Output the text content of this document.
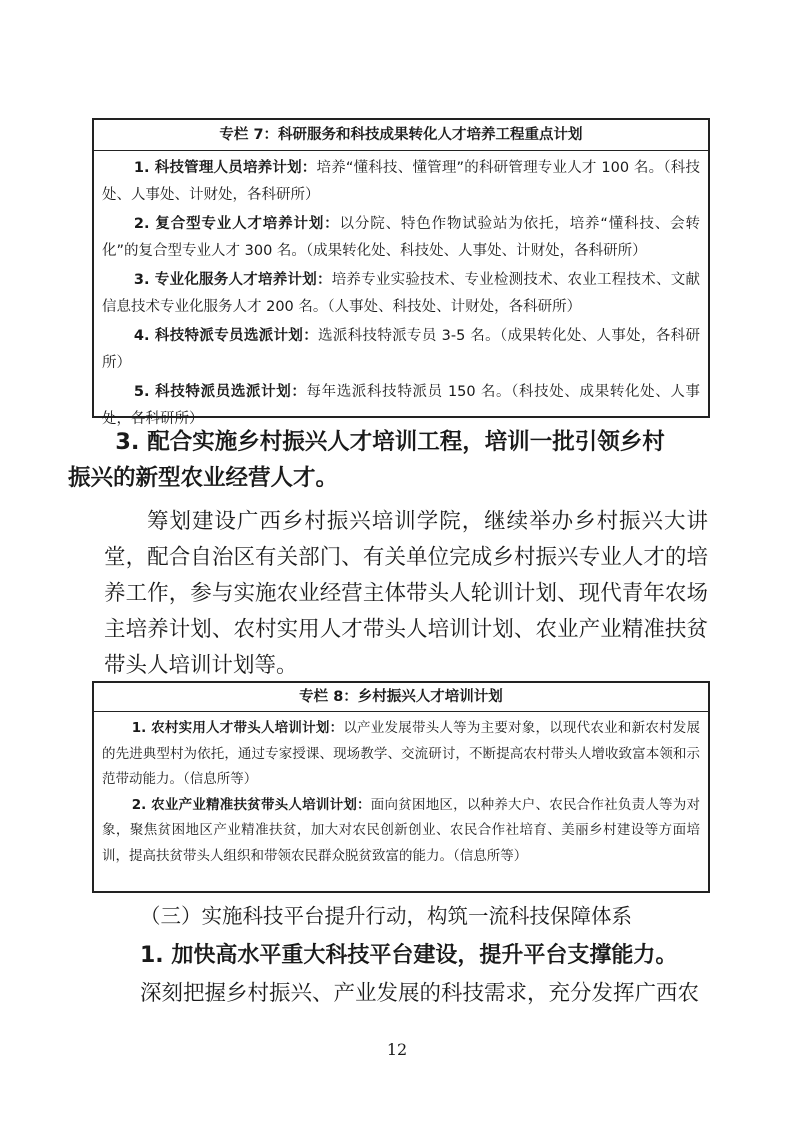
专栏 7：科研服务和科技成果转化人才培养工程重点计划
1. 科技管理人员培养计划：培养“懂科技、懂管理”的科研管理专业人才 100 名。（科技处、人事处、计财处，各科研所）
2. 复合型专业人才培养计划：以分院、特色作物试验站为依托，培养“懂科技、会转化”的复合型专业人才 300 名。（成果转化处、科技处、人事处、计财处，各科研所）
3. 专业化服务人才培养计划：培养专业实验技术、专业检测技术、农业工程技术、文献信息技术专业化服务人才 200 名。（人事处、科技处、计财处，各科研所）
4. 科技特派专员选派计划：选派科技特派专员 3-5 名。（成果转化处、人事处，各科研所）
5. 科技特派员选派计划：每年选派科技特派员 150 名。（科技处、成果转化处、人事处，各科研所）
3. 配合实施乡村振兴人才培训工程，培训一批引领乡村振兴的新型农业经营人才。
筹划建设广西乡村振兴培训学院，继续举办乡村振兴大讲堂，配合自治区有关部门、有关单位完成乡村振兴专业人才的培养工作，参与实施农业经营主体带头人轮训计划、现代青年农场主培养计划、农村实用人才带头人培训计划、农业产业精准扶贫带头人培训计划等。
专栏 8：乡村振兴人才培训计划
1. 农村实用人才带头人培训计划：以产业发展带头人等为主要对象，以现代农业和新农村发展的先进典型村为依托，通过专家授课、现场教学、交流研讨，不断提高农村带头人增收致富本领和示范带动能力。（信息所等）
2. 农业产业精准扶贫带头人培训计划：面向贫困地区，以种养大户、农民合作社负责人等为对象，聚焦贫困地区产业精准扶贫，加大对农民创新创业、农民合作社培育、美丽乡村建设等方面培训，提高扶贫带头人组织和带领农民群众脱贫致富的能力。（信息所等）
（三）实施科技平台提升行动，构筑一流科技保障体系
1. 加快高水平重大科技平台建设，提升平台支撑能力。
深刻把握乡村振兴、产业发展的科技需求，充分发挥广西农
12
